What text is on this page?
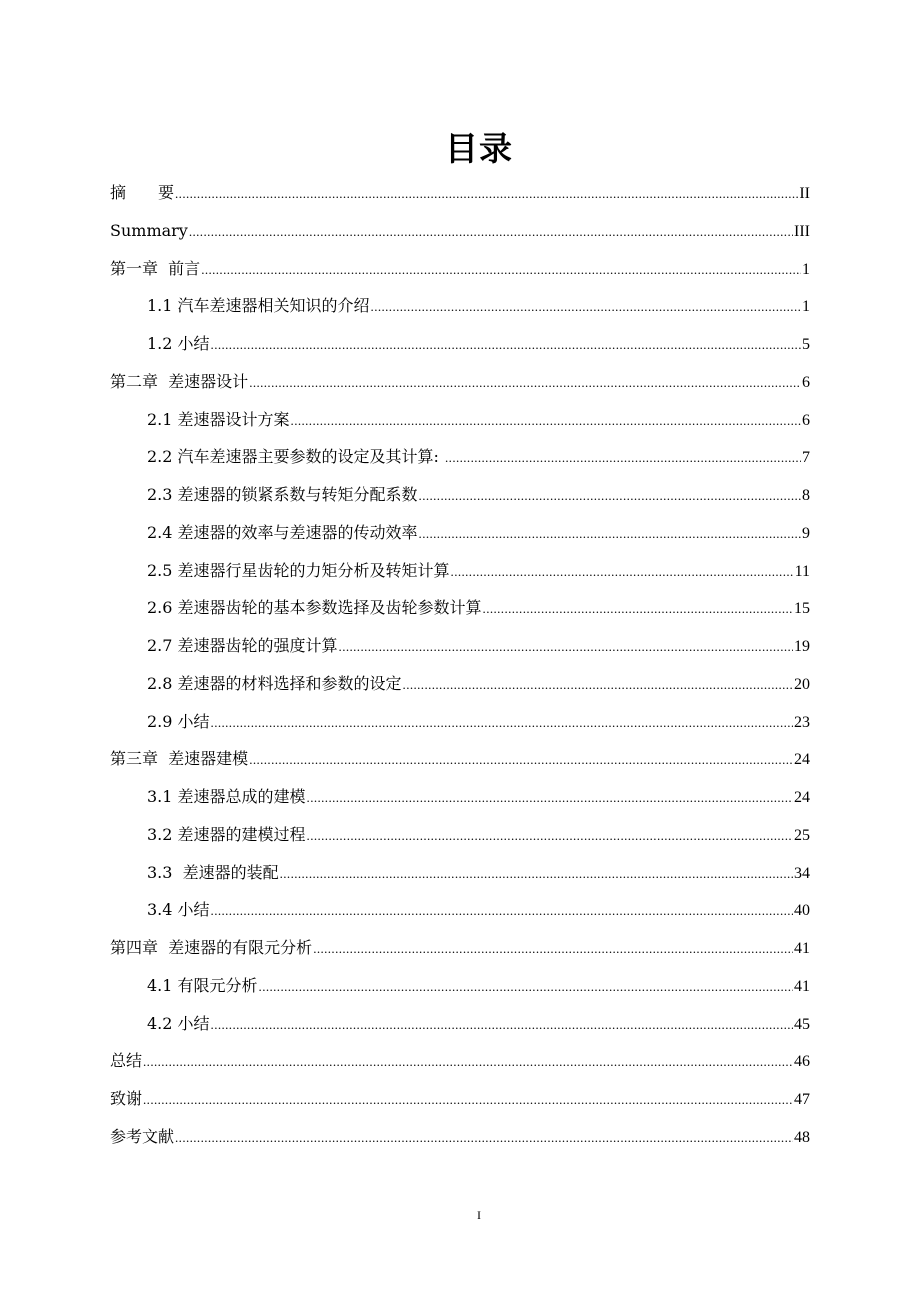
目录
摘　　要 .....	II
Summary .....	III
第一章  前言 .....	1
1.1 汽车差速器相关知识的介绍 .....	1
1.2 小结 .....	5
第二章  差速器设计 .....	6
2.1 差速器设计方案 .....	6
2.2 汽车差速器主要参数的设定及其计算: .....	7
2.3 差速器的锁紧系数与转矩分配系数 .....	8
2.4 差速器的效率与差速器的传动效率 .....	9
2.5 差速器行星齿轮的力矩分析及转矩计算 .....	11
2.6 差速器齿轮的基本参数选择及齿轮参数计算 .....	15
2.7 差速器齿轮的强度计算 .....	19
2.8 差速器的材料选择和参数的设定 .....	20
2.9 小结 .....	23
第三章  差速器建模 .....	24
3.1 差速器总成的建模 .....	24
3.2 差速器的建模过程 .....	25
3.3  差速器的装配 .....	34
3.4 小结 .....	40
第四章  差速器的有限元分析 .....	41
4.1 有限元分析 .....	41
4.2 小结 .....	45
总结 .....	46
致谢 .....	47
参考文献 .....	48
I
